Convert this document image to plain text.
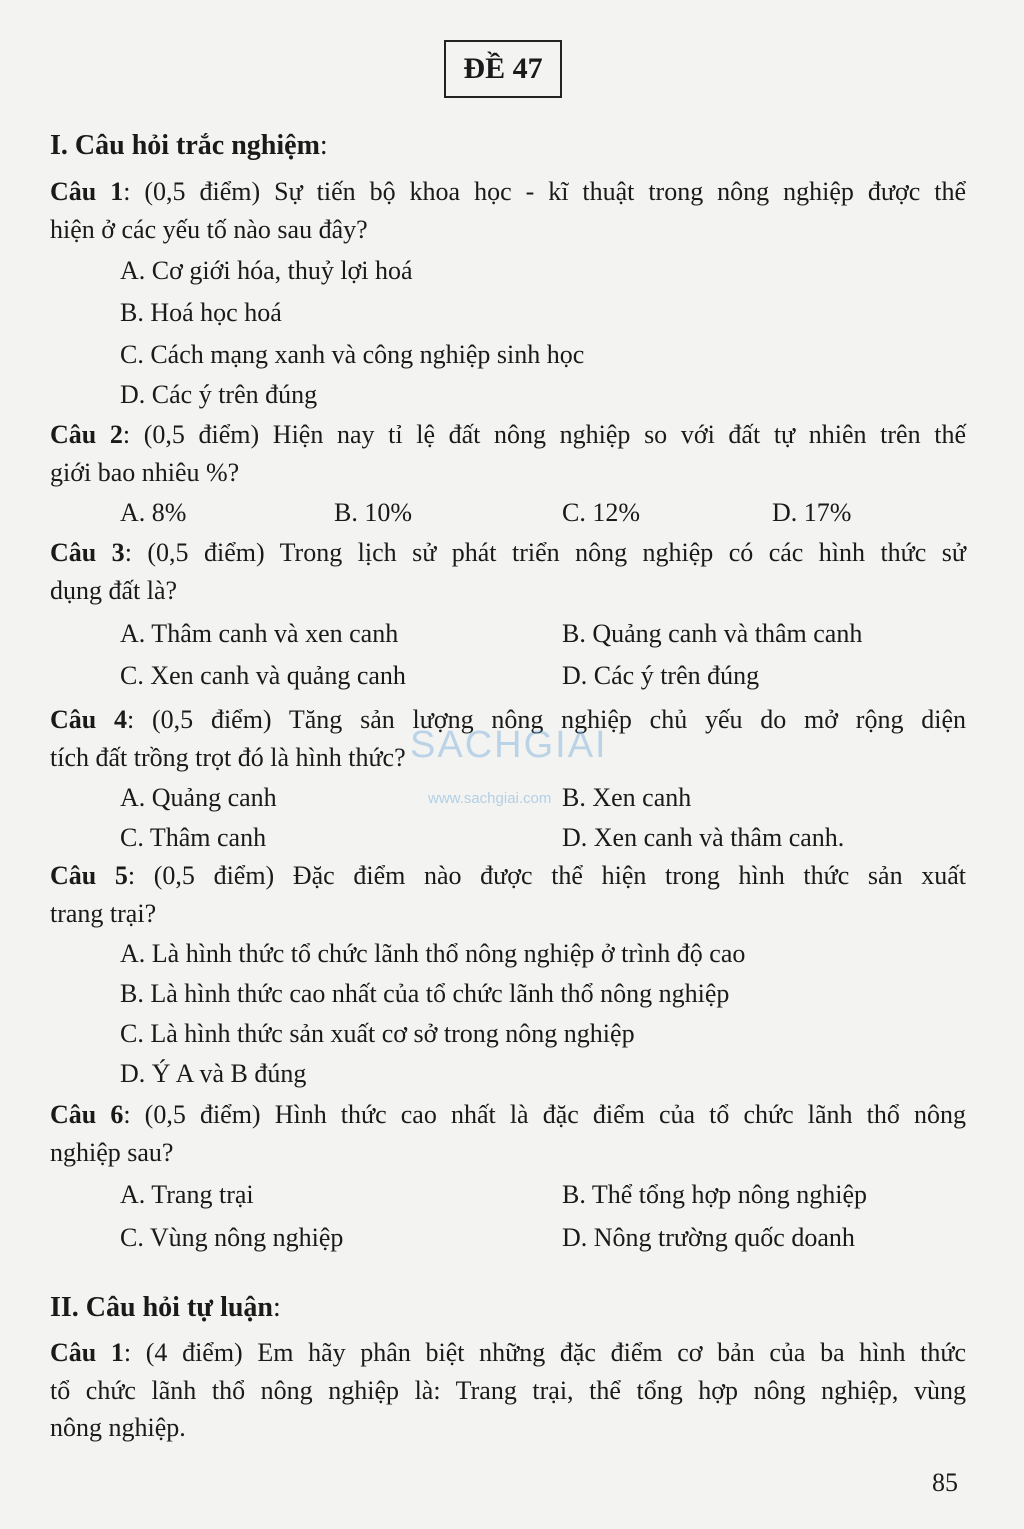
ĐỀ 47
I. Câu hỏi trắc nghiệm:
Câu 1: (0,5 điểm) Sự tiến bộ khoa học - kĩ thuật trong nông nghiệp được thể
hiện ở các yếu tố nào sau đây?
A. Cơ giới hóa, thuỷ lợi hoá
B. Hoá học hoá
C. Cách mạng xanh và công nghiệp sinh học
D. Các ý trên đúng
Câu 2: (0,5 điểm) Hiện nay tỉ lệ đất nông nghiệp so với đất tự nhiên trên thế
giới bao nhiêu %?
A. 8%	B. 10%	C. 12%	D. 17%
Câu 3: (0,5 điểm) Trong lịch sử phát triển nông nghiệp có các hình thức sử
dụng đất là?
A. Thâm canh và xen canh	B. Quảng canh và thâm canh
C. Xen canh và quảng canh	D. Các ý trên đúng
Câu 4: (0,5 điểm) Tăng sản lượng nông nghiệp chủ yếu do mở rộng diện
tích đất trồng trọt đó là hình thức?
A. Quảng canh	B. Xen canh
C. Thâm canh	D. Xen canh và thâm canh.
Câu 5: (0,5 điểm) Đặc điểm nào được thể hiện trong hình thức sản xuất
trang trại?
A. Là hình thức tổ chức lãnh thổ nông nghiệp ở trình độ cao
B. Là hình thức cao nhất của tổ chức lãnh thổ nông nghiệp
C. Là hình thức sản xuất cơ sở trong nông nghiệp
D. Ý A và B đúng
Câu 6: (0,5 điểm) Hình thức cao nhất là đặc điểm của tổ chức lãnh thổ nông
nghiệp sau?
A. Trang trại	B. Thể tổng hợp nông nghiệp
C. Vùng nông nghiệp	D. Nông trường quốc doanh
II. Câu hỏi tự luận:
Câu 1: (4 điểm) Em hãy phân biệt những đặc điểm cơ bản của ba hình thức
tổ chức lãnh thổ nông nghiệp là: Trang trại, thể tổng hợp nông nghiệp, vùng
nông nghiệp.
SACHGIAI
www.sachgiai.com
85
